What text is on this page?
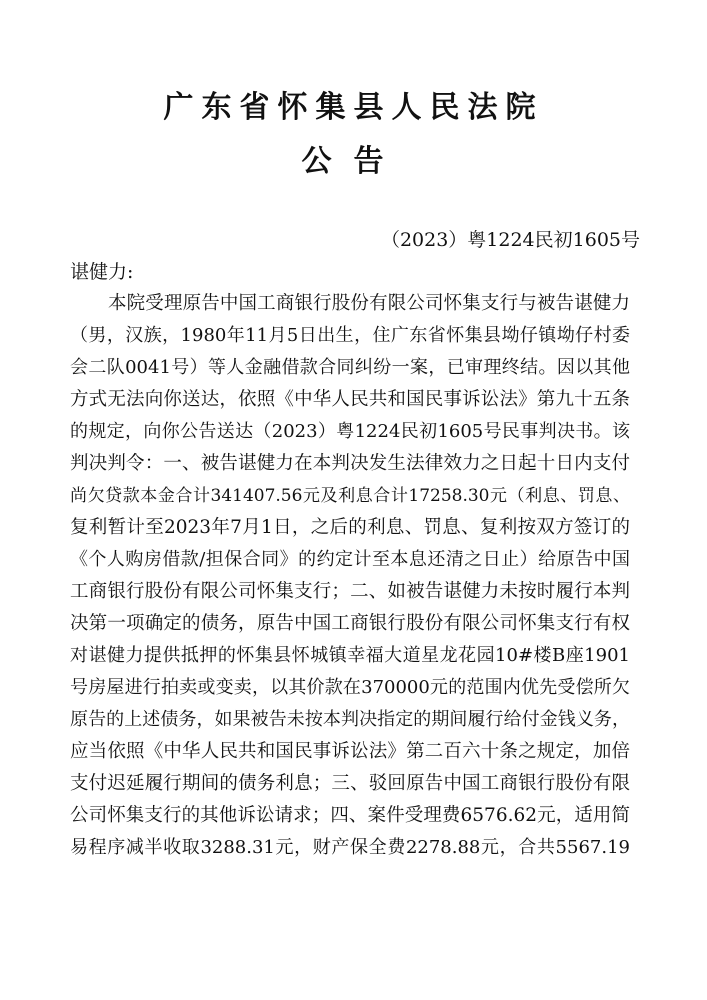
广东省怀集县人民法院
公告
（2023）粤1224民初1605号
谌健力:
本院受理原告中国工商银行股份有限公司怀集支行与被告谌健力
（男，汉族，1980年11月5日出生，住广东省怀集县坳仔镇坳仔村委
会二队0041号）等人金融借款合同纠纷一案，已审理终结。因以其他
方式无法向你送达，依照《中华人民共和国民事诉讼法》第九十五条
的规定，向你公告送达（2023）粤1224民初1605号民事判决书。该
判决判令：一、被告谌健力在本判决发生法律效力之日起十日内支付
尚欠贷款本金合计341407.56元及利息合计17258.30元（利息、罚息、
复利暂计至2023年7月1日，之后的利息、罚息、复利按双方签订的
《个人购房借款/担保合同》的约定计至本息还清之日止）给原告中国
工商银行股份有限公司怀集支行；二、如被告谌健力未按时履行本判
决第一项确定的债务，原告中国工商银行股份有限公司怀集支行有权
对谌健力提供抵押的怀集县怀城镇幸福大道星龙花园10#楼B座1901
号房屋进行拍卖或变卖，以其价款在370000元的范围内优先受偿所欠
原告的上述债务，如果被告未按本判决指定的期间履行给付金钱义务，
应当依照《中华人民共和国民事诉讼法》第二百六十条之规定，加倍
支付迟延履行期间的债务利息；三、驳回原告中国工商银行股份有限
公司怀集支行的其他诉讼请求；四、案件受理费6576.62元，适用简
易程序减半收取3288.31元，财产保全费2278.88元，合共5567.19
